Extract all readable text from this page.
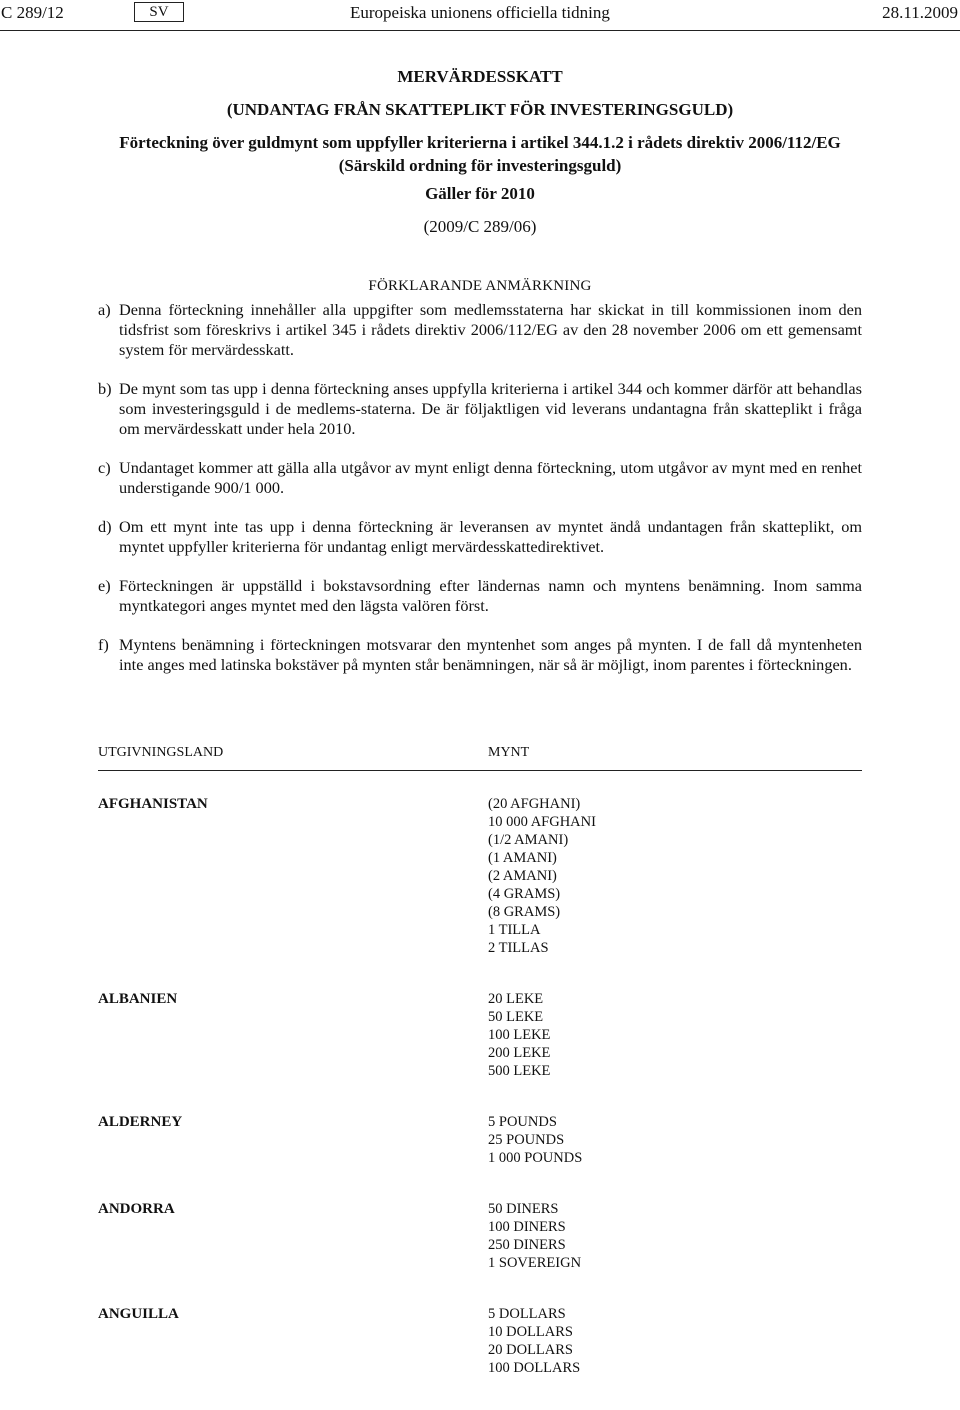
C 289/12	SV	Europeiska unionens officiella tidning	28.11.2009
MERVÄRDESSKATT
(UNDANTAG FRÅN SKATTEPLIKT FÖR INVESTERINGSGULD)
Förteckning över guldmynt som uppfyller kriterierna i artikel 344.1.2 i rådets direktiv 2006/112/EG
(Särskild ordning för investeringsguld)
Gäller för 2010
(2009/C 289/06)
FÖRKLARANDE ANMÄRKNING
a) Denna förteckning innehåller alla uppgifter som medlemsstaterna har skickat in till kommissionen inom den tidsfrist som föreskrivs i artikel 345 i rådets direktiv 2006/112/EG av den 28 november 2006 om ett gemensamt system för mervärdesskatt.
b) De mynt som tas upp i denna förteckning anses uppfylla kriterierna i artikel 344 och kommer därför att behandlas som investeringsguld i de medlems-staterna. De är följaktligen vid leverans undantagna från skatteplikt i fråga om mervärdesskatt under hela 2010.
c) Undantaget kommer att gälla alla utgåvor av mynt enligt denna förteckning, utom utgåvor av mynt med en renhet understigande 900/1 000.
d) Om ett mynt inte tas upp i denna förteckning är leveransen av myntet ändå undantagen från skatteplikt, om myntet uppfyller kriterierna för undantag enligt mervärdesskattedirektivet.
e) Förteckningen är uppställd i bokstavsordning efter ländernas namn och myntens benämning. Inom samma myntkategori anges myntet med den lägsta valören först.
f) Myntens benämning i förteckningen motsvarar den myntenhet som anges på mynten. I de fall då myntenheten inte anges med latinska bokstäver på mynten står benämningen, när så är möjligt, inom parentes i förteckningen.
UTGIVNINGSLAND	MYNT
AFGHANISTAN	(20 AFGHANI)
10 000 AFGHANI
(1/2 AMANI)
(1 AMANI)
(2 AMANI)
(4 GRAMS)
(8 GRAMS)
1 TILLA
2 TILLAS
ALBANIEN	20 LEKE
50 LEKE
100 LEKE
200 LEKE
500 LEKE
ALDERNEY	5 POUNDS
25 POUNDS
1 000 POUNDS
ANDORRA	50 DINERS
100 DINERS
250 DINERS
1 SOVEREIGN
ANGUILLA	5 DOLLARS
10 DOLLARS
20 DOLLARS
100 DOLLARS
